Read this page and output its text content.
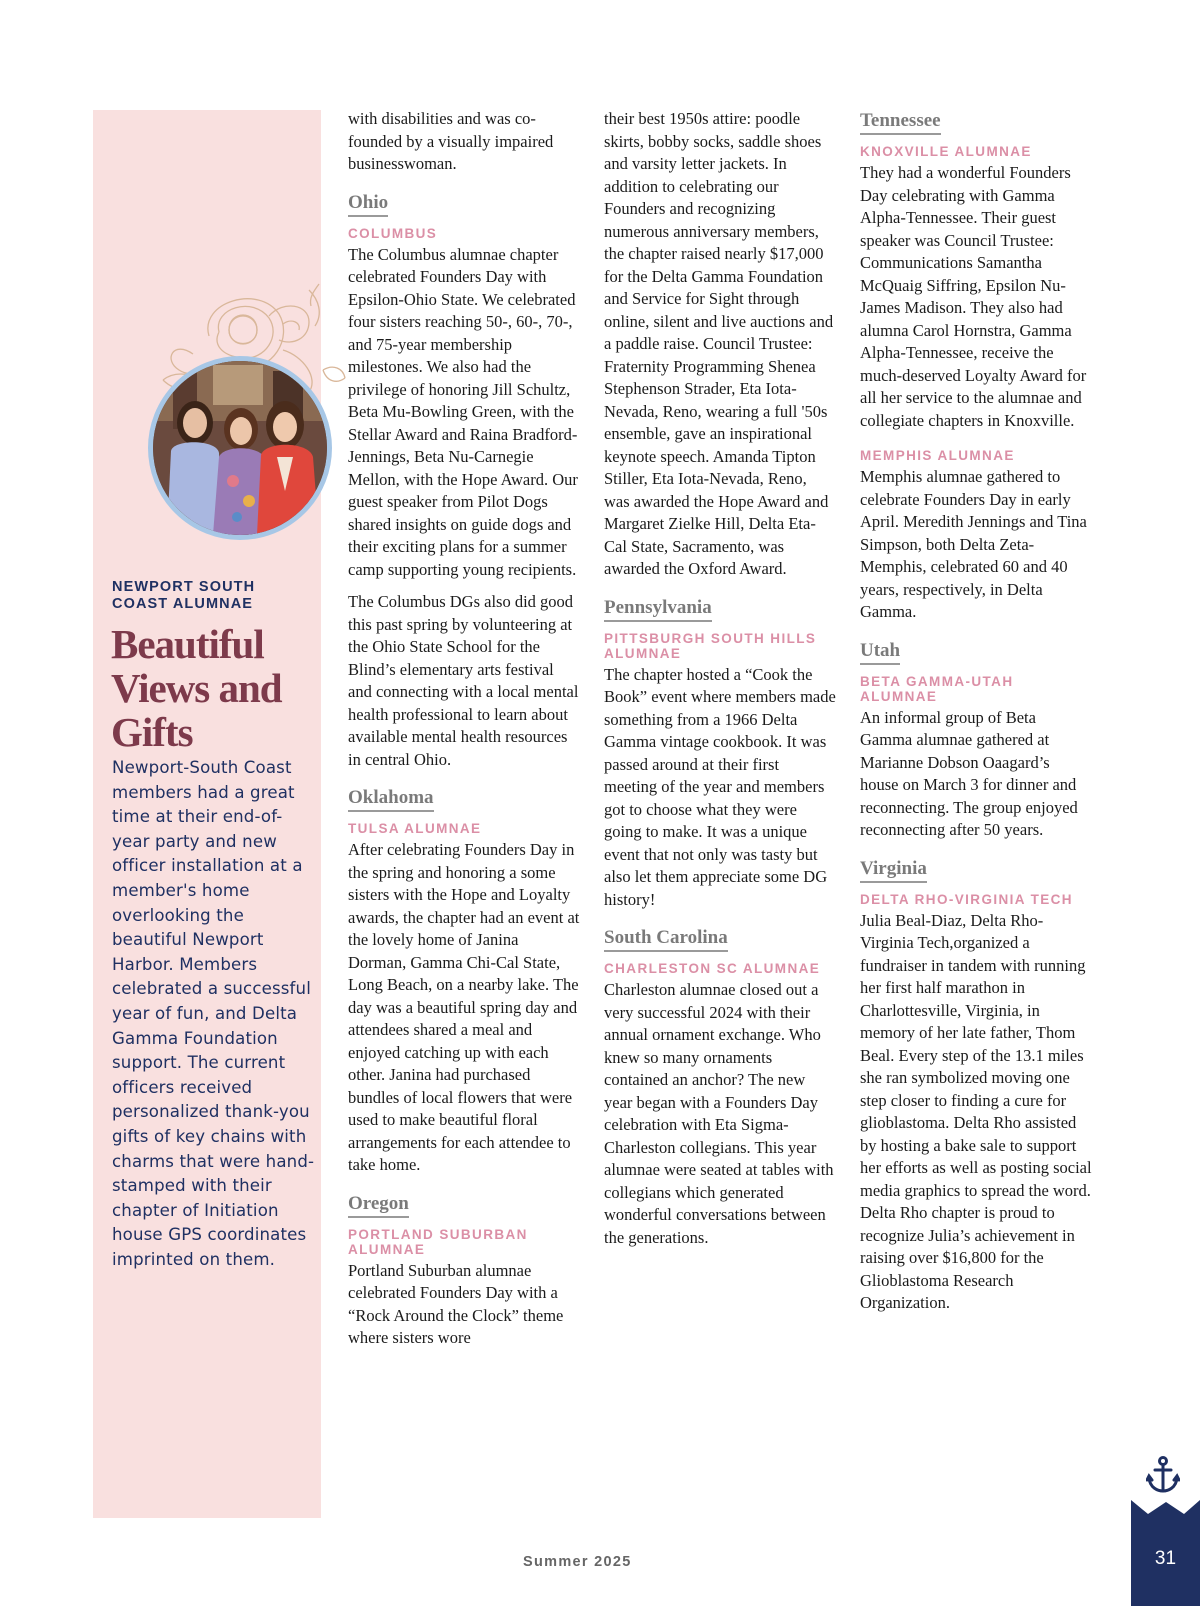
NEWPORT SOUTH COAST ALUMNAE
Beautiful Views and Gifts
Newport-South Coast members had a great time at their end-of-year party and new officer installation at a member's home overlooking the beautiful Newport Harbor. Members celebrated a successful year of fun, and Delta Gamma Foundation support. The current officers received personalized thank-you gifts of key chains with charms that were hand-stamped with their chapter of Initiation house GPS coordinates imprinted on them.

with disabilities and was co-founded by a visually impaired businesswoman.

Ohio
COLUMBUS

The Columbus alumnae chapter celebrated Founders Day with Epsilon-Ohio State. We celebrated four sisters reaching 50-, 60-, 70-, and 75-year membership milestones. We also had the privilege of honoring Jill Schultz, Beta Mu-Bowling Green, with the Stellar Award and Raina Bradford-Jennings, Beta Nu-Carnegie Mellon, with the Hope Award. Our guest speaker from Pilot Dogs shared insights on guide dogs and their exciting plans for a summer camp supporting young recipients.

The Columbus DGs also did good this past spring by volunteering at the Ohio State School for the Blind’s elementary arts festival and connecting with a local mental health professional to learn about available mental health resources in central Ohio.

Oklahoma
TULSA ALUMNAE

After celebrating Founders Day in the spring and honoring a some sisters with the Hope and Loyalty awards, the chapter had an event at the lovely home of Janina Dorman, Gamma Chi-Cal State, Long Beach, on a nearby lake. The day was a beautiful spring day and attendees shared a meal and enjoyed catching up with each other. Janina had purchased bundles of local flowers that were used to make beautiful floral arrangements for each attendee to take home.

Oregon
PORTLAND SUBURBAN ALUMNAE

Portland Suburban alumnae celebrated Founders Day with a “Rock Around the Clock” theme where sisters wore

their best 1950s attire: poodle skirts, bobby socks, saddle shoes and varsity letter jackets. In addition to celebrating our Founders and recognizing numerous anniversary members, the chapter raised nearly $17,000 for the Delta Gamma Foundation and Service for Sight through online, silent and live auctions and a paddle raise. Council Trustee: Fraternity Programming Shenea Stephenson Strader, Eta Iota-Nevada, Reno, wearing a full '50s ensemble, gave an inspirational keynote speech. Amanda Tipton Stiller, Eta Iota-Nevada, Reno, was awarded the Hope Award and Margaret Zielke Hill, Delta Eta-Cal State, Sacramento, was awarded the Oxford Award.

Pennsylvania
PITTSBURGH SOUTH HILLS ALUMNAE

The chapter hosted a “Cook the Book” event where members made something from a 1966 Delta Gamma vintage cookbook. It was passed around at their first meeting of the year and members got to choose what they were going to make. It was a unique event that not only was tasty but also let them appreciate some DG history!

South Carolina
CHARLESTON SC ALUMNAE

Charleston alumnae closed out a very successful 2024 with their annual ornament exchange. Who knew so many ornaments contained an anchor? The new year began with a Founders Day celebration with Eta Sigma-Charleston collegians. This year alumnae were seated at tables with collegians which generated wonderful conversations between the generations.

Tennessee
KNOXVILLE ALUMNAE

They had a wonderful Founders Day celebrating with Gamma Alpha-Tennessee. Their guest speaker was Council Trustee: Communications Samantha McQuaig Siffring, Epsilon Nu-James Madison. They also had alumna Carol Hornstra, Gamma Alpha-Tennessee, receive the much-deserved Loyalty Award for all her service to the alumnae and collegiate chapters in Knoxville.

MEMPHIS ALUMNAE

Memphis alumnae gathered to celebrate Founders Day in early April. Meredith Jennings and Tina Simpson, both Delta Zeta-Memphis, celebrated 60 and 40 years, respectively, in Delta Gamma.

Utah
BETA GAMMA-UTAH ALUMNAE

An informal group of Beta Gamma alumnae gathered at Marianne Dobson Oaagard’s house on March 3 for dinner and reconnecting. The group enjoyed reconnecting after 50 years.

Virginia
DELTA RHO-VIRGINIA TECH

Julia Beal-Diaz, Delta Rho-Virginia Tech,organized a fundraiser in tandem with running her first half marathon in Charlottesville, Virginia, in memory of her late father, Thom Beal. Every step of the 13.1 miles she ran symbolized moving one step closer to finding a cure for glioblastoma. Delta Rho assisted by hosting a bake sale to support her efforts as well as posting social media graphics to spread the word. Delta Rho chapter is proud to recognize Julia’s achievement in raising over $16,800 for the Glioblastoma Research Organization.

Summer 2025	31
